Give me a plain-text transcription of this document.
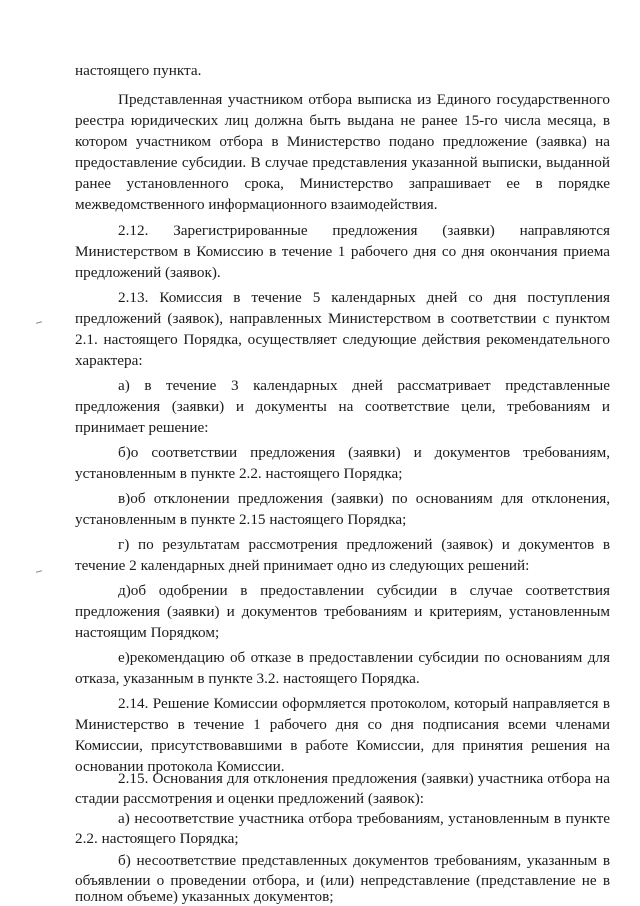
настоящего пункта.
Представленная участником отбора выписка из Единого государственного
реестра юридических лиц должна быть выдана не ранее 15-го числа месяца, в
котором участником отбора в Министерство подано предложение (заявка) на
предоставление субсидии. В случае представления указанной выписки, выданной
ранее установленного срока, Министерство запрашивает ее в порядке
межведомственного информационного взаимодействия.
2.12. Зарегистрированные предложения (заявки) направляются
Министерством в Комиссию в течение 1 рабочего дня со дня окончания приема
предложений (заявок).
2.13. Комиссия в течение 5 календарных дней со дня поступления
предложений (заявок), направленных Министерством в соответствии с пунктом
2.1. настоящего Порядка, осуществляет следующие действия рекомендательного
характера:
а) в течение 3 календарных дней рассматривает представленные
предложения (заявки) и документы на соответствие цели, требованиям и
принимает решение:
б)о соответствии предложения (заявки) и документов требованиям,
установленным в пункте 2.2. настоящего Порядка;
в)об отклонении предложения (заявки) по основаниям для отклонения,
установленным в пункте 2.15 настоящего Порядка;
г) по результатам рассмотрения предложений (заявок) и документов в
течение 2 календарных дней принимает одно из следующих решений:
д)об одобрении в предоставлении субсидии в случае соответствия
предложения (заявки) и документов требованиям и критериям, установленным
настоящим Порядком;
е)рекомендацию об отказе в предоставлении субсидии по основаниям для
отказа, указанным в пункте 3.2. настоящего Порядка.
2.14. Решение Комиссии оформляется протоколом, который направляется в
Министерство в течение 1 рабочего дня со дня подписания всеми членами
Комиссии, присутствовавшими в работе Комиссии, для принятия решения на
основании протокола Комиссии.
2.15. Основания для отклонения предложения (заявки) участника отбора на
стадии рассмотрения и оценки предложений (заявок):
а) несоответствие участника отбора требованиям, установленным в пункте
2.2. настоящего Порядка;
б) несоответствие представленных документов требованиям, указанным в
объявлении о проведении отбора, и (или) непредставление (представление не в
полном объеме) указанных документов;
